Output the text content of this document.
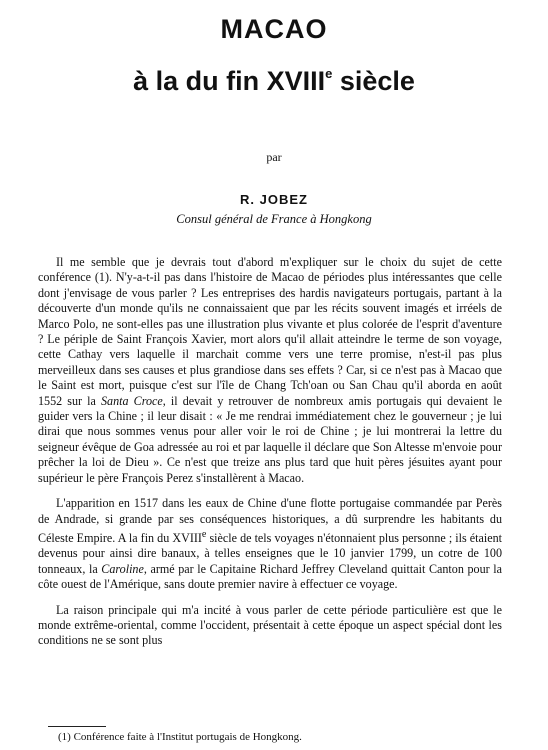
MACAO
à la du fin XVIIIe siècle
par
R. JOBEZ
Consul général de France à Hongkong

Il me semble que je devrais tout d'abord m'expliquer sur le choix du sujet de cette conférence (1). N'y-a-t-il pas dans l'histoire de Macao de périodes plus intéressantes que celle dont j'envisage de vous parler ? Les entreprises des hardis navigateurs portugais, partant à la découverte d'un monde qu'ils ne connaissaient que par les récits souvent imagés et irréels de Marco Polo, ne sont-elles pas une illustration plus vivante et plus colorée de l'esprit d'aventure ? Le périple de Saint François Xavier, mort alors qu'il allait atteindre le terme de son voyage, cette Cathay vers laquelle il marchait comme vers une terre promise, n'est-il pas plus merveilleux dans ses causes et plus grandiose dans ses effets ? Car, si ce n'est pas à Macao que le Saint est mort, puisque c'est sur l'île de Chang Tch'oan ou San Chau qu'il aborda en août 1552 sur la Santa Croce, il devait y retrouver de nombreux amis portugais qui devaient le guider vers la Chine ; il leur disait : « Je me rendrai immédiatement chez le gouverneur ; je lui dirai que nous sommes venus pour aller voir le roi de Chine ; je lui montrerai la lettre du seigneur évêque de Goa adressée au roi et par laquelle il déclare que Son Altesse m'envoie pour prêcher la loi de Dieu ». Ce n'est que treize ans plus tard que huit pères jésuites ayant pour supérieur le père François Perez s'installèrent à Macao.

L'apparition en 1517 dans les eaux de Chine d'une flotte portugaise commandée par Perès de Andrade, si grande par ses conséquences historiques, a dû surprendre les habitants du Céleste Empire. A la fin du XVIIIe siècle de tels voyages n'étonnaient plus personne ; ils étaient devenus pour ainsi dire banaux, à telles enseignes que le 10 janvier 1799, un cotre de 100 tonneaux, la Caroline, armé par le Capitaine Richard Jeffrey Cleveland quittait Canton pour la côte ouest de l'Amérique, sans doute premier navire à effectuer ce voyage.

La raison principale qui m'a incité à vous parler de cette période particulière est que le monde extrême-oriental, comme l'occident, présentait à cette époque un aspect spécial dont les conditions ne se sont plus

(1) Conférence faite à l'Institut portugais de Hongkong.
